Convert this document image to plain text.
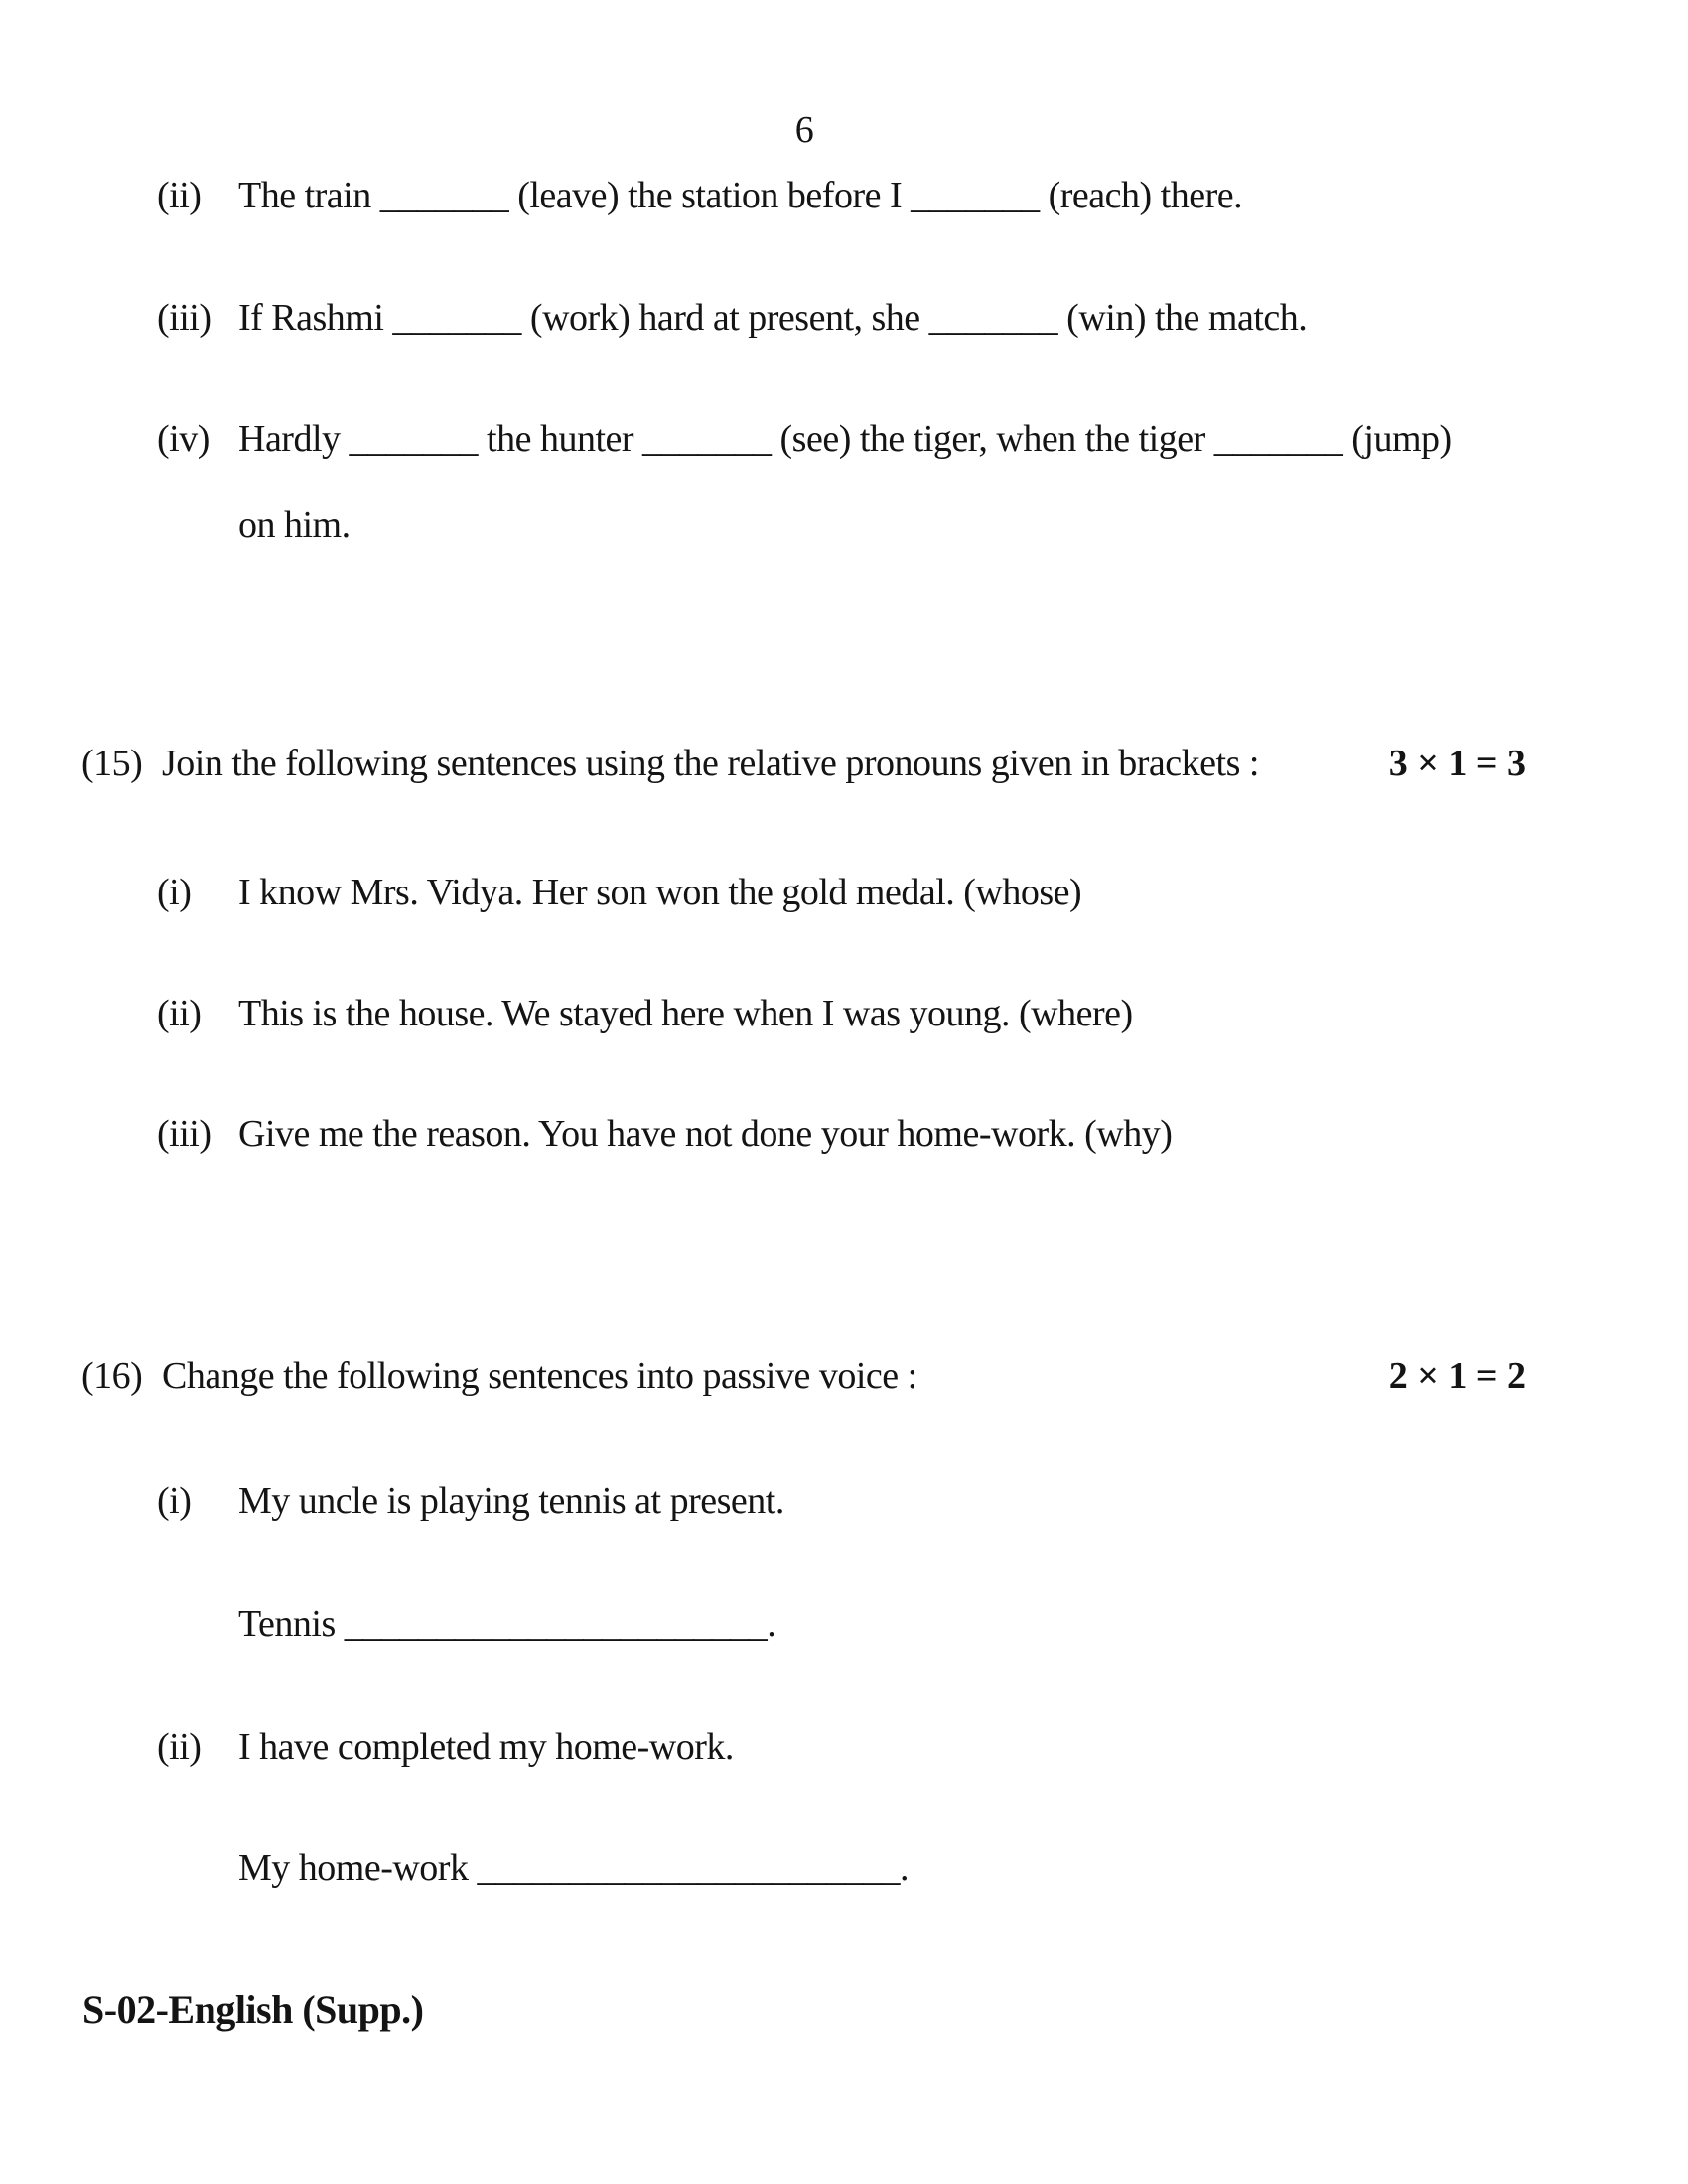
6
(ii) The train _______ (leave) the station before I _______ (reach) there.
(iii) If Rashmi _______ (work) hard at present, she _______ (win) the match.
(iv) Hardly _______ the hunter _______ (see) the tiger, when the tiger _______ (jump)
on him.
(15) Join the following sentences using the relative pronouns given in brackets :	3 × 1 = 3
(i) I know Mrs. Vidya. Her son won the gold medal. (whose)
(ii) This is the house. We stayed here when I was young. (where)
(iii) Give me the reason. You have not done your home-work. (why)
(16) Change the following sentences into passive voice :	2 × 1 = 2
(i) My uncle is playing tennis at present.
Tennis _______________________.
(ii) I have completed my home-work.
My home-work _______________________.
S-02-English (Supp.)
